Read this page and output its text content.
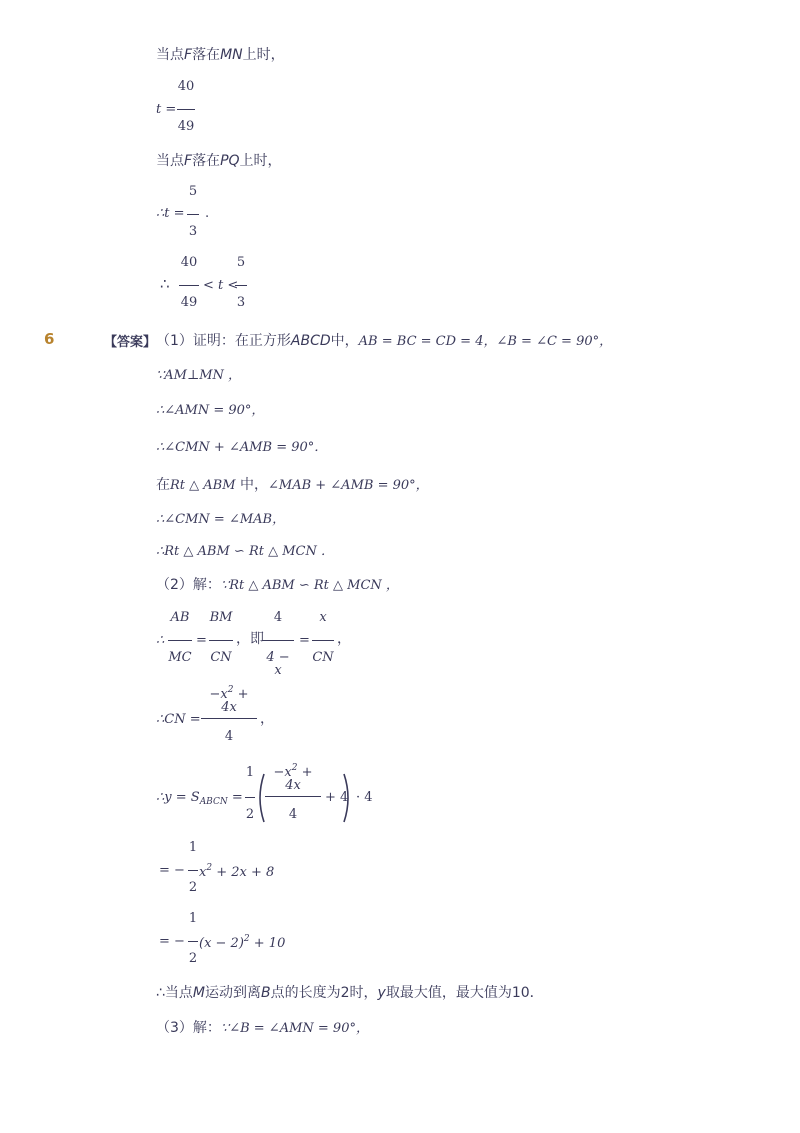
当点F落在MN上时，
t =
40
49
当点F落在PQ上时，
∴t =
5
3
.
∴
40
49
< t <
5
3
6	【答案】 （1）证明：在正方形ABCD中，AB = BC = CD = 4，∠B = ∠C = 90°，
∵AM⊥MN ，
∴∠AMN = 90°，
∴∠CMN + ∠AMB = 90°．
在Rt △ ABM 中，∠MAB + ∠AMB = 90°，
∴∠CMN = ∠MAB，
∴Rt △ ABM ∽ Rt △ MCN ．
（2）解：∵Rt △ ABM ∽ Rt △ MCN ，
∴
AB
MC
=
BM
CN
，即
4
4 − x
=
x
CN
，
∴CN =
$-x^2 + 4x$
4
，
∴y = $S_{ABCN}$ =
1
2
$-x^2 + 4x$
4
+ 4 · 4
= −
1
2
$x^2 + 2x + 8$
= −
1
2
$(x - 2)^2 + 10$
∴当点M运动到离B点的长度为2时，y取最大值，最大值为10．
（3）解：∵∠B = ∠AMN = 90°，
